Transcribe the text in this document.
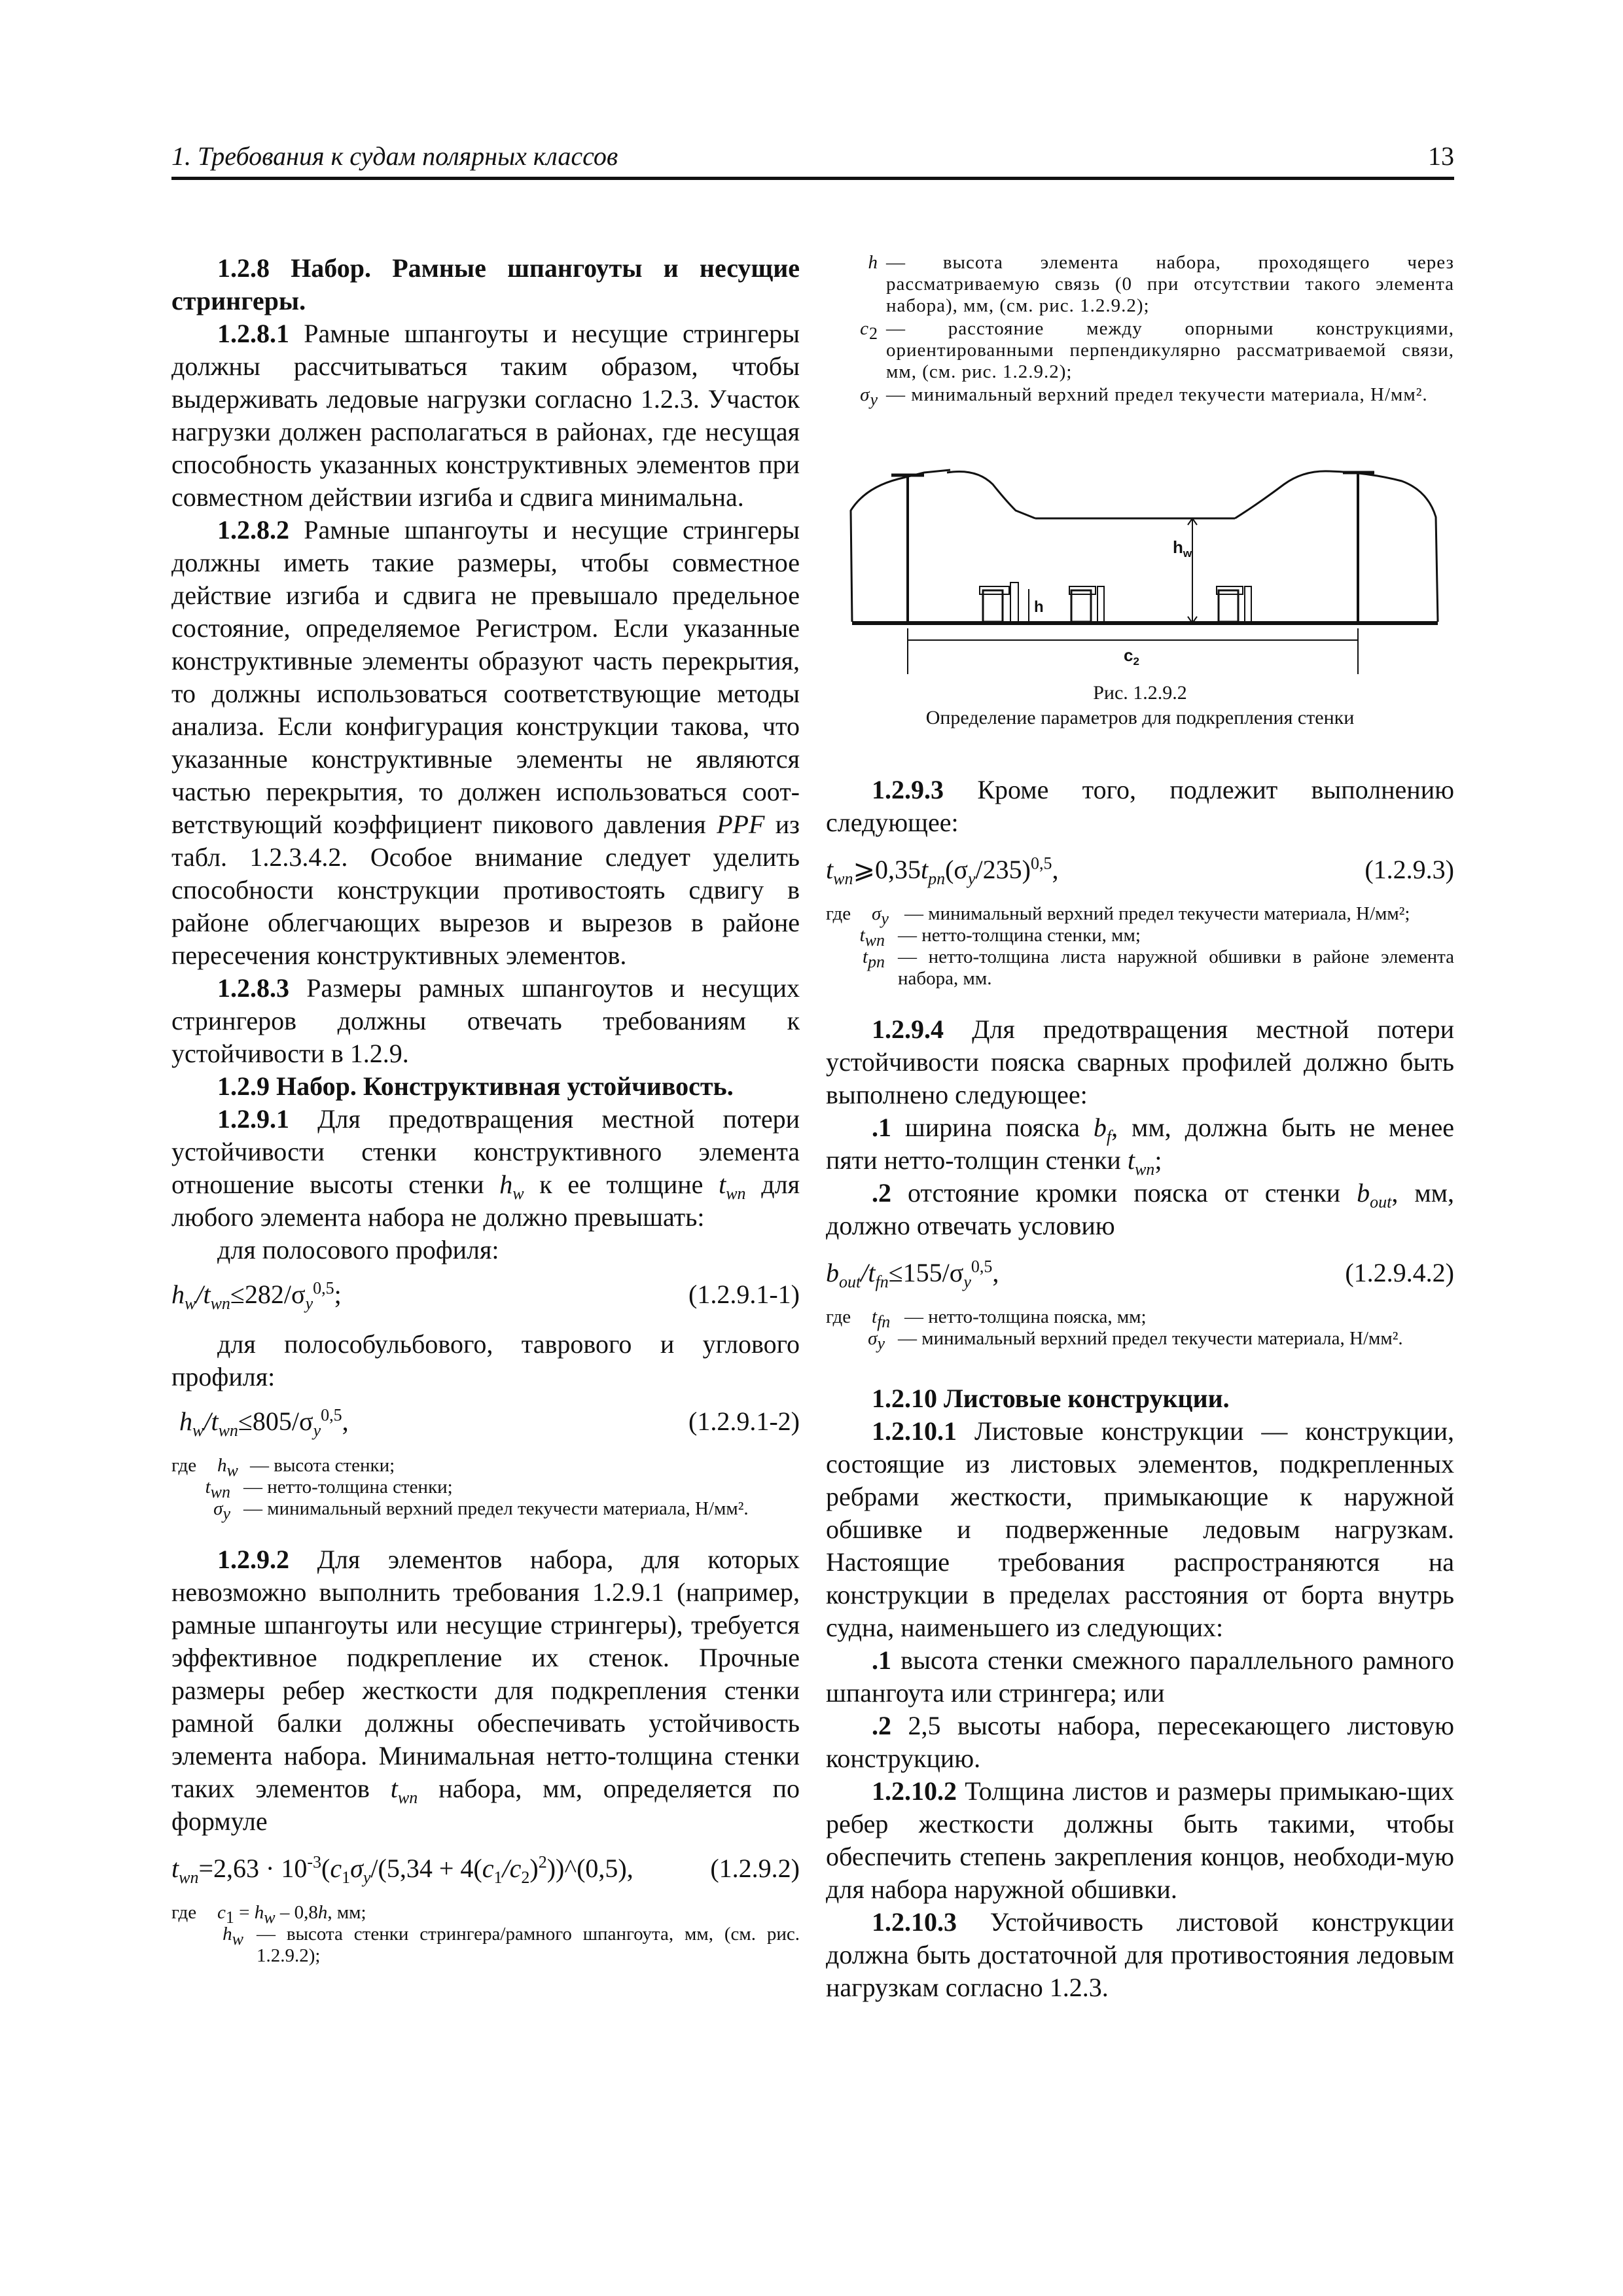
1. Требования к судам полярных классов	13

1.2.8 Набор. Рамные шпангоуты и несущие стрингеры.

1.2.8.1 Рамные шпангоуты и несущие стрингеры должны рассчитываться таким образом, чтобы выдерживать ледовые нагрузки согласно 1.2.3. Участок нагрузки должен располагаться в районах, где несущая способность указанных конструктивных элементов при совместном действии изгиба и сдвига минимальна.

1.2.8.2 Рамные шпангоуты и несущие стрингеры должны иметь такие размеры, чтобы совместное действие изгиба и сдвига не превышало предельное состояние, определяемое Регистром. Если указанные конструктивные элементы образуют часть перекрытия, то должны использоваться соответствующие методы анализа. Если конфигурация конструкции такова, что указанные конструктивные элементы не являются частью перекрытия, то должен использоваться соот-ветствующий коэффициент пикового давления PPF из табл. 1.2.3.4.2. Особое внимание следует уделить способности конструкции противостоять сдвигу в районе облегчающих вырезов и вырезов в районе пересечения конструктивных элементов.

1.2.8.3 Размеры рамных шпангоутов и несущих стрингеров должны отвечать требованиям к устойчивости в 1.2.9.

1.2.9 Набор. Конструктивная устойчивость.

1.2.9.1 Для предотвращения местной потери устойчивости стенки конструктивного элемента отношение высоты стенки $h_w$ к ее толщине $t_{wn}$ для любого элемента набора не должно превышать:

для полосового профиля:

$h_w/t_{wn}\le 282/\sigma_y^{0,5}$;	(1.2.9.1-1)

для полособульбового, таврового и углового профиля:

$h_w/t_{wn}\le 805/\sigma_y^{0,5}$,	(1.2.9.1-2)
где	$h_w$ — высота стенки;
$t_{wn}$ — нетто-толщина стенки;
$\sigma_y$ — минимальный верхний предел текучести материала, Н/мм².

1.2.9.2 Для элементов набора, для которых невозможно выполнить требования 1.2.9.1 (например, рамные шпангоуты или несущие стрингеры), требуется эффективное подкрепление их стенок. Прочные размеры ребер жесткости для подкрепления стенки рамной балки должны обеспечивать устойчивость элемента набора. Минимальная нетто-толщина стенки таких элементов $t_{wn}$ набора, мм, определяется по формуле

$t_{wn}=2,63 \cdot 10^{-3}(c_1\sigma_y/(5,34$ + $4(c_1/c_2)^2))\^{}(0,5)$,	(1.2.9.2)
где	$c_1 = h_w - 0,8h$, мм;
$h_w$ — высота стенки стрингера/рамного шпангоута, мм, (см. рис. 1.2.9.2);
h — высота элемента набора, проходящего через рассматриваемую связь (0 при отсутствии такого элемента набора), мм, (см. рис. 1.2.9.2);
$c_2$ — расстояние между опорными конструкциями, ориентированными перпендикулярно рассматриваемой связи, мм, (см. рис. 1.2.9.2);
$\sigma_y$ — минимальный верхний предел текучести материала, Н/мм².
$h_w$
h
$c_2$
Рис. 1.2.9.2
Определение параметров для подкрепления стенки

1.2.9.3 Кроме того, подлежит выполнению следующее:

$t_{wn}⩾0,35t_{pn}(\sigma_y/235)^{0,5}$,	(1.2.9.3)
где	$\sigma_y$ — минимальный верхний предел текучести материала, Н/мм²;
$t_{wn}$ — нетто-толщина стенки, мм;
$t_{pn}$ — нетто-толщина листа наружной обшивки в районе элемента набора, мм.

1.2.9.4 Для предотвращения местной потери устойчивости пояска сварных профилей должно быть выполнено следующее:

.1 ширина пояска $b_f$, мм, должна быть не менее пяти нетто-толщин стенки $t_{wn}$;

.2 отстояние кромки пояска от стенки $b_{out}$, мм, должно отвечать условию

$b_{out}/t_{fn}\le 155/\sigma_y^{0,5}$,	(1.2.9.4.2)
где	$t_{fn}$ — нетто-толщина пояска, мм;
$\sigma_y$ — минимальный верхний предел текучести материала, Н/мм².

1.2.10 Листовые конструкции.

1.2.10.1 Листовые конструкции — конструкции, состоящие из листовых элементов, подкрепленных ребрами жесткости, примыкающие к наружной обшивке и подверженные ледовым нагрузкам. Настоящие требования распространяются на конструкции в пределах расстояния от борта внутрь судна, наименьшего из следующих:

.1 высота стенки смежного параллельного рамного шпангоута или стрингера; или

.2 2,5 высоты набора, пересекающего листовую конструкцию.

1.2.10.2 Толщина листов и размеры примыкаю-щих ребер жесткости должны быть такими, чтобы обеспечить степень закрепления концов, необходи-мую для набора наружной обшивки.

1.2.10.3 Устойчивость листовой конструкции должна быть достаточной для противостояния ледовым нагрузкам согласно 1.2.3.
